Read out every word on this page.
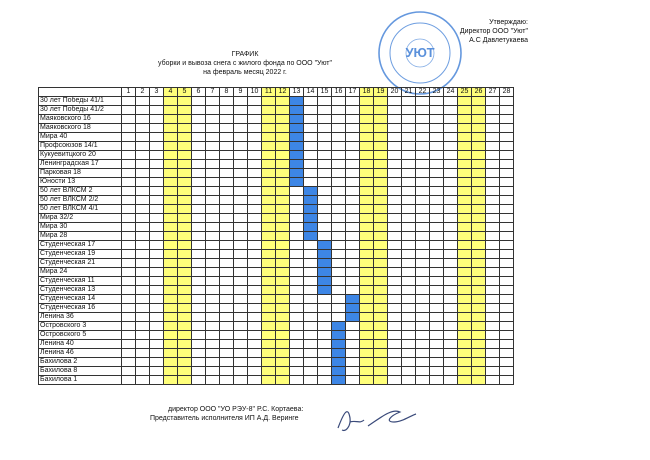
Утверждаю:
Директор ООО "Уют"
А.С Давлетукаева
УЮТ
ГРАФИК
уборки и вывоза снега с жилого фонда по ООО "Уют"
на февраль месяц 2022 г.
	1	2	3	4	5	6	7	8	9	10	11	12	13	14	15	16	17	18	19	20	21	22	23	24	25	26	27	28
30 лет Победы 41/1																												
30 лет Победы 41/2																												
Маяковского 16																												
Маяковского 18																												
Мира 40																												
Профсоюзов 14/1																												
Кукуевитцкого 20																												
Ленинградская 17																												
Парковая 18																												
Юности 13																												
50 лет ВЛКСМ 2																												
50 лет ВЛКСМ 2/2																												
50 лет ВЛКСМ 4/1																												
Мира 32/2																												
Мира 30																												
Мира 28																												
Студенческая 17																												
Студенческая 19																												
Студенческая 21																												
Мира 24																												
Студенческая 11																												
Студенческая 13																												
Студенческая 14																												
Студенческая 16																												
Ленина 36																												
Островского 3																												
Островского 5																												
Ленина 40																												
Ленина 46																												
Бахилова 2																												
Бахилова 8																												
Бахилова 1																												
директор ООО "УО РЭУ-8" Р.С. Кортаева:
Представитель исполнителя ИП А.Д. Веринге
